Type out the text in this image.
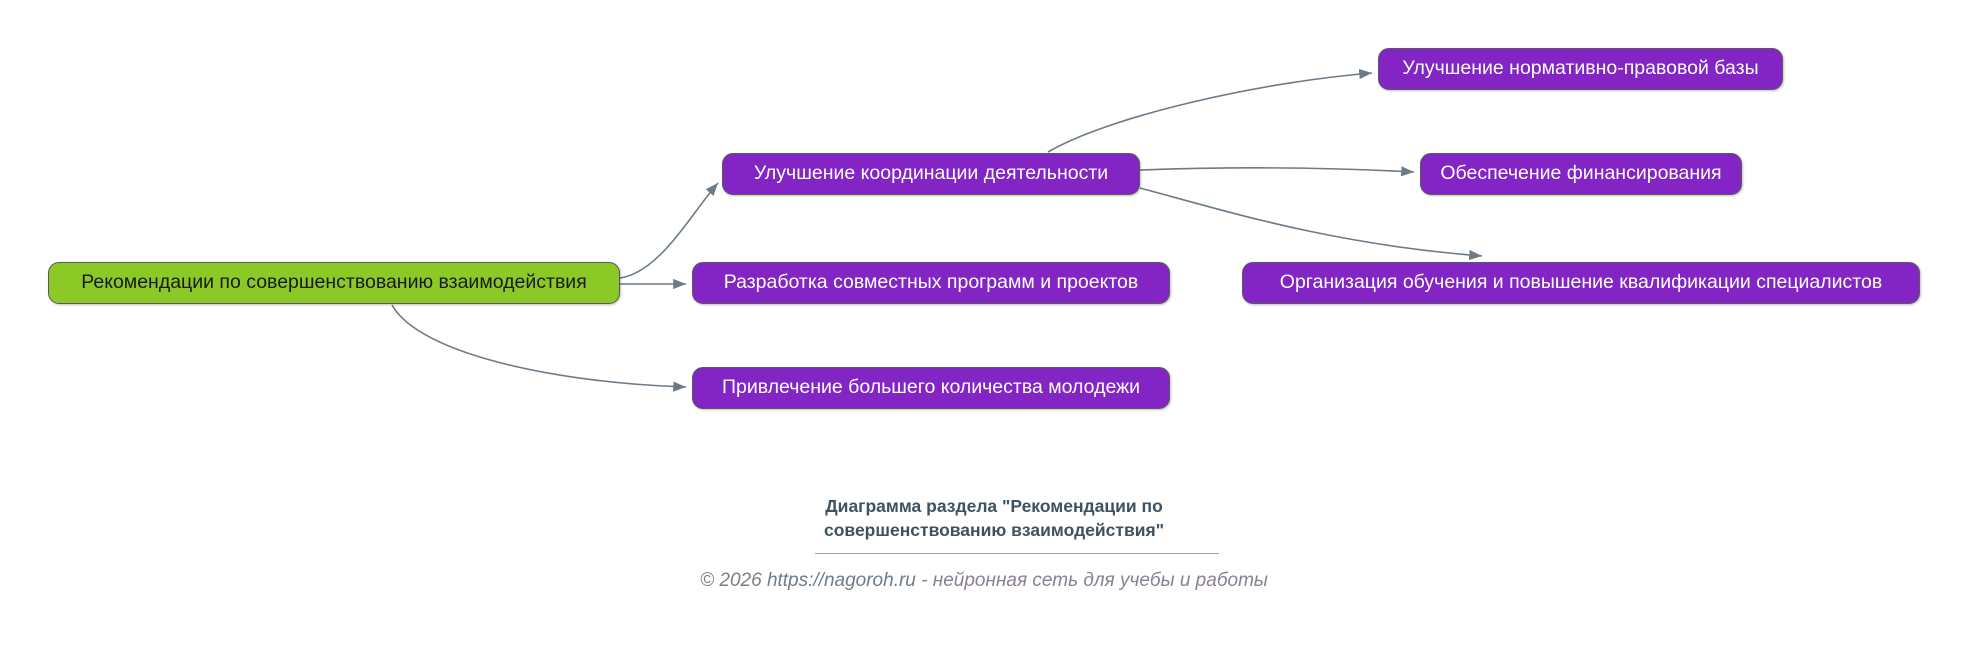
Рекомендации по совершенствованию взаимодействия
Улучшение координации деятельности
Разработка совместных программ и проектов
Привлечение большего количества молодежи
Улучшение нормативно-правовой базы
Обеспечение финансирования
Организация обучения и повышение квалификации специалистов
Диаграмма раздела "Рекомендации по
совершенствованию взаимодействия"
© 2026 https://nagoroh.ru - нейронная сеть для учебы и работы
